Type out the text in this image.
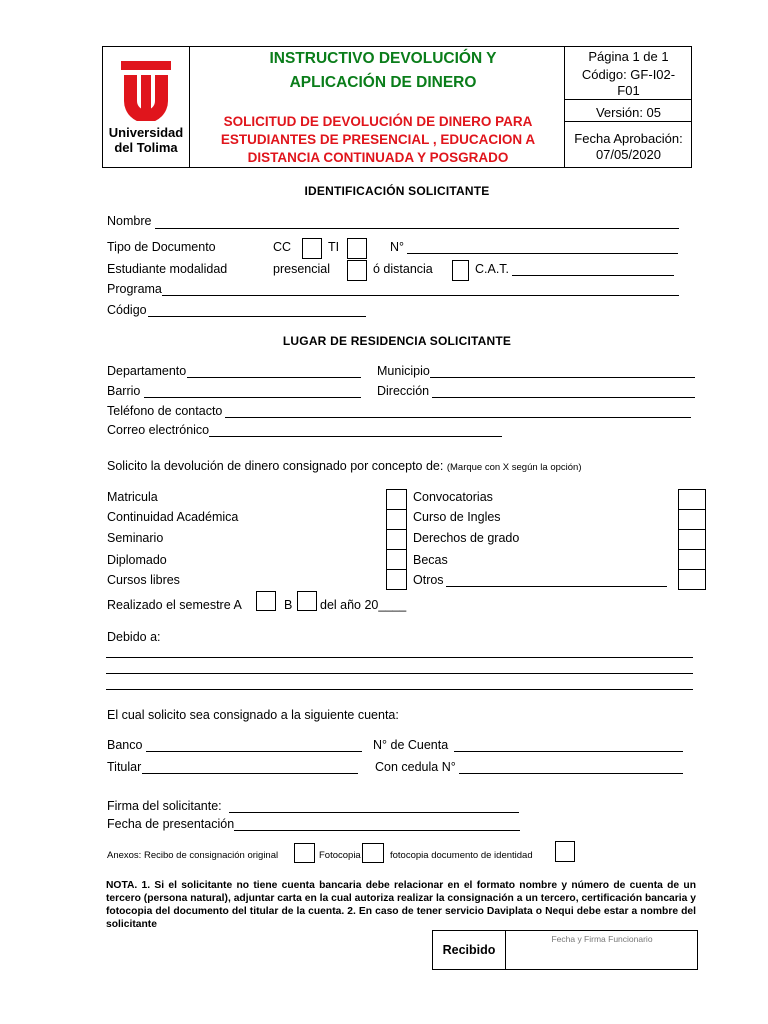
Universidad
del Tolima
INSTRUCTIVO DEVOLUCIÓN Y
APLICACIÓN DE DINERO
SOLICITUD DE DEVOLUCIÓN DE DINERO PARA
ESTUDIANTES DE PRESENCIAL , EDUCACION A
DISTANCIA CONTINUADA Y POSGRADO
Página 1 de 1
Código: GF-I02-
F01
Versión: 05
Fecha Aprobación:
07/05/2020
IDENTIFICACIÓN SOLICITANTE
Nombre
Tipo de Documento	CC	TI	N°
Estudiante modalidad	presencial	ó distancia	C.A.T.
Programa
Código
LUGAR DE RESIDENCIA SOLICITANTE
Departamento	Municipio
Barrio	Dirección
Teléfono de contacto
Correo electrónico
Solicito la devolución de dinero consignado por concepto de: (Marque con X según la opción)
Matricula
Continuidad Académica
Seminario
Diplomado
Cursos libres
Convocatorias
Curso de Ingles
Derechos de grado
Becas
Otros
Realizado el semestre A	B del año 20____
Debido a:
El cual solicito sea consignado a la siguiente cuenta:
Banco	N° de Cuenta
Titular	Con cedula N°
Firma del solicitante:
Fecha de presentación
Anexos: Recibo de consignación original	Fotocopia	fotocopia documento de identidad
NOTA. 1. Si el solicitante no tiene cuenta bancaria debe relacionar en el formato nombre y número de cuenta de un tercero (persona natural), adjuntar carta en la cual autoriza realizar la consignación a un tercero, certificación bancaria y fotocopia del documento del titular de la cuenta. 2. En caso de tener servicio Daviplata o Nequi debe estar a nombre del solicitante
Recibido
Fecha y Firma Funcionario
